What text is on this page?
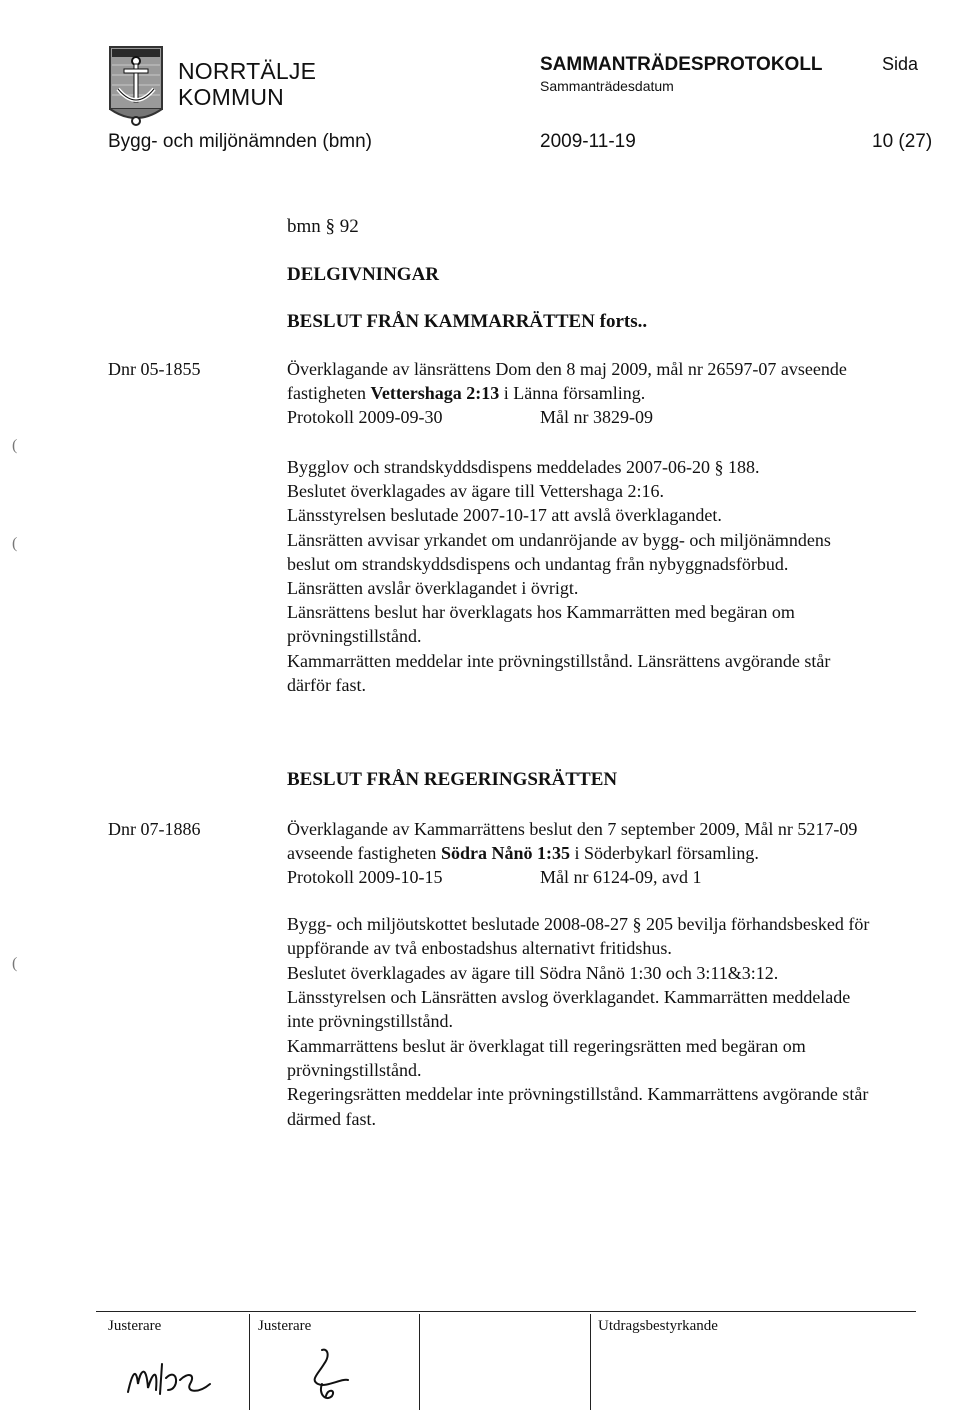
NORRTÄLJE
KOMMUN
SAMMANTRÄDESPROTOKOLL
Sammanträdesdatum
Sida
Bygg- och miljönämnden (bmn)	2009-11-19	10 (27)
bmn § 92
DELGIVNINGAR
BESLUT FRÅN KAMMARRÄTTEN forts..
Dnr 05-1855	Överklagande av länsrättens Dom den 8 maj 2009, mål nr 26597-07 avseende
fastigheten Vettershaga 2:13 i Länna församling.
Protokoll 2009-09-30	Mål nr 3829-09
Bygglov och strandskyddsdispens meddelades 2007-06-20 § 188.
Beslutet överklagades av ägare till Vettershaga 2:16.
Länsstyrelsen beslutade 2007-10-17 att avslå överklagandet.
Länsrätten avvisar yrkandet om undanröjande av bygg- och miljönämndens
beslut om strandskyddsdispens och undantag från nybyggnadsförbud.
Länsrätten avslår överklagandet i övrigt.
Länsrättens beslut har överklagats hos Kammarrätten med begäran om
prövningstillstånd.
Kammarrätten meddelar inte prövningstillstånd. Länsrättens avgörande står
därför fast.
BESLUT FRÅN REGERINGSRÄTTEN
Dnr 07-1886	Överklagande av Kammarrättens beslut den 7 september 2009, Mål nr 5217-09
avseende fastigheten Södra Nånö 1:35 i Söderbykarl församling.
Protokoll 2009-10-15	Mål nr 6124-09, avd 1
Bygg- och miljöutskottet beslutade 2008-08-27 § 205 bevilja förhandsbesked för
uppförande av två enbostadshus alternativt fritidshus.
Beslutet överklagades av ägare till Södra Nånö 1:30 och 3:11&3:12.
Länsstyrelsen och Länsrätten avslog överklagandet. Kammarrätten meddelade
inte prövningstillstånd.
Kammarrättens beslut är överklagat till regeringsrätten med begäran om
prövningstillstånd.
Regeringsrätten meddelar inte prövningstillstånd. Kammarrättens avgörande står
därmed fast.
(
(
(
Justerare	Justerare	Utdragsbestyrkande
